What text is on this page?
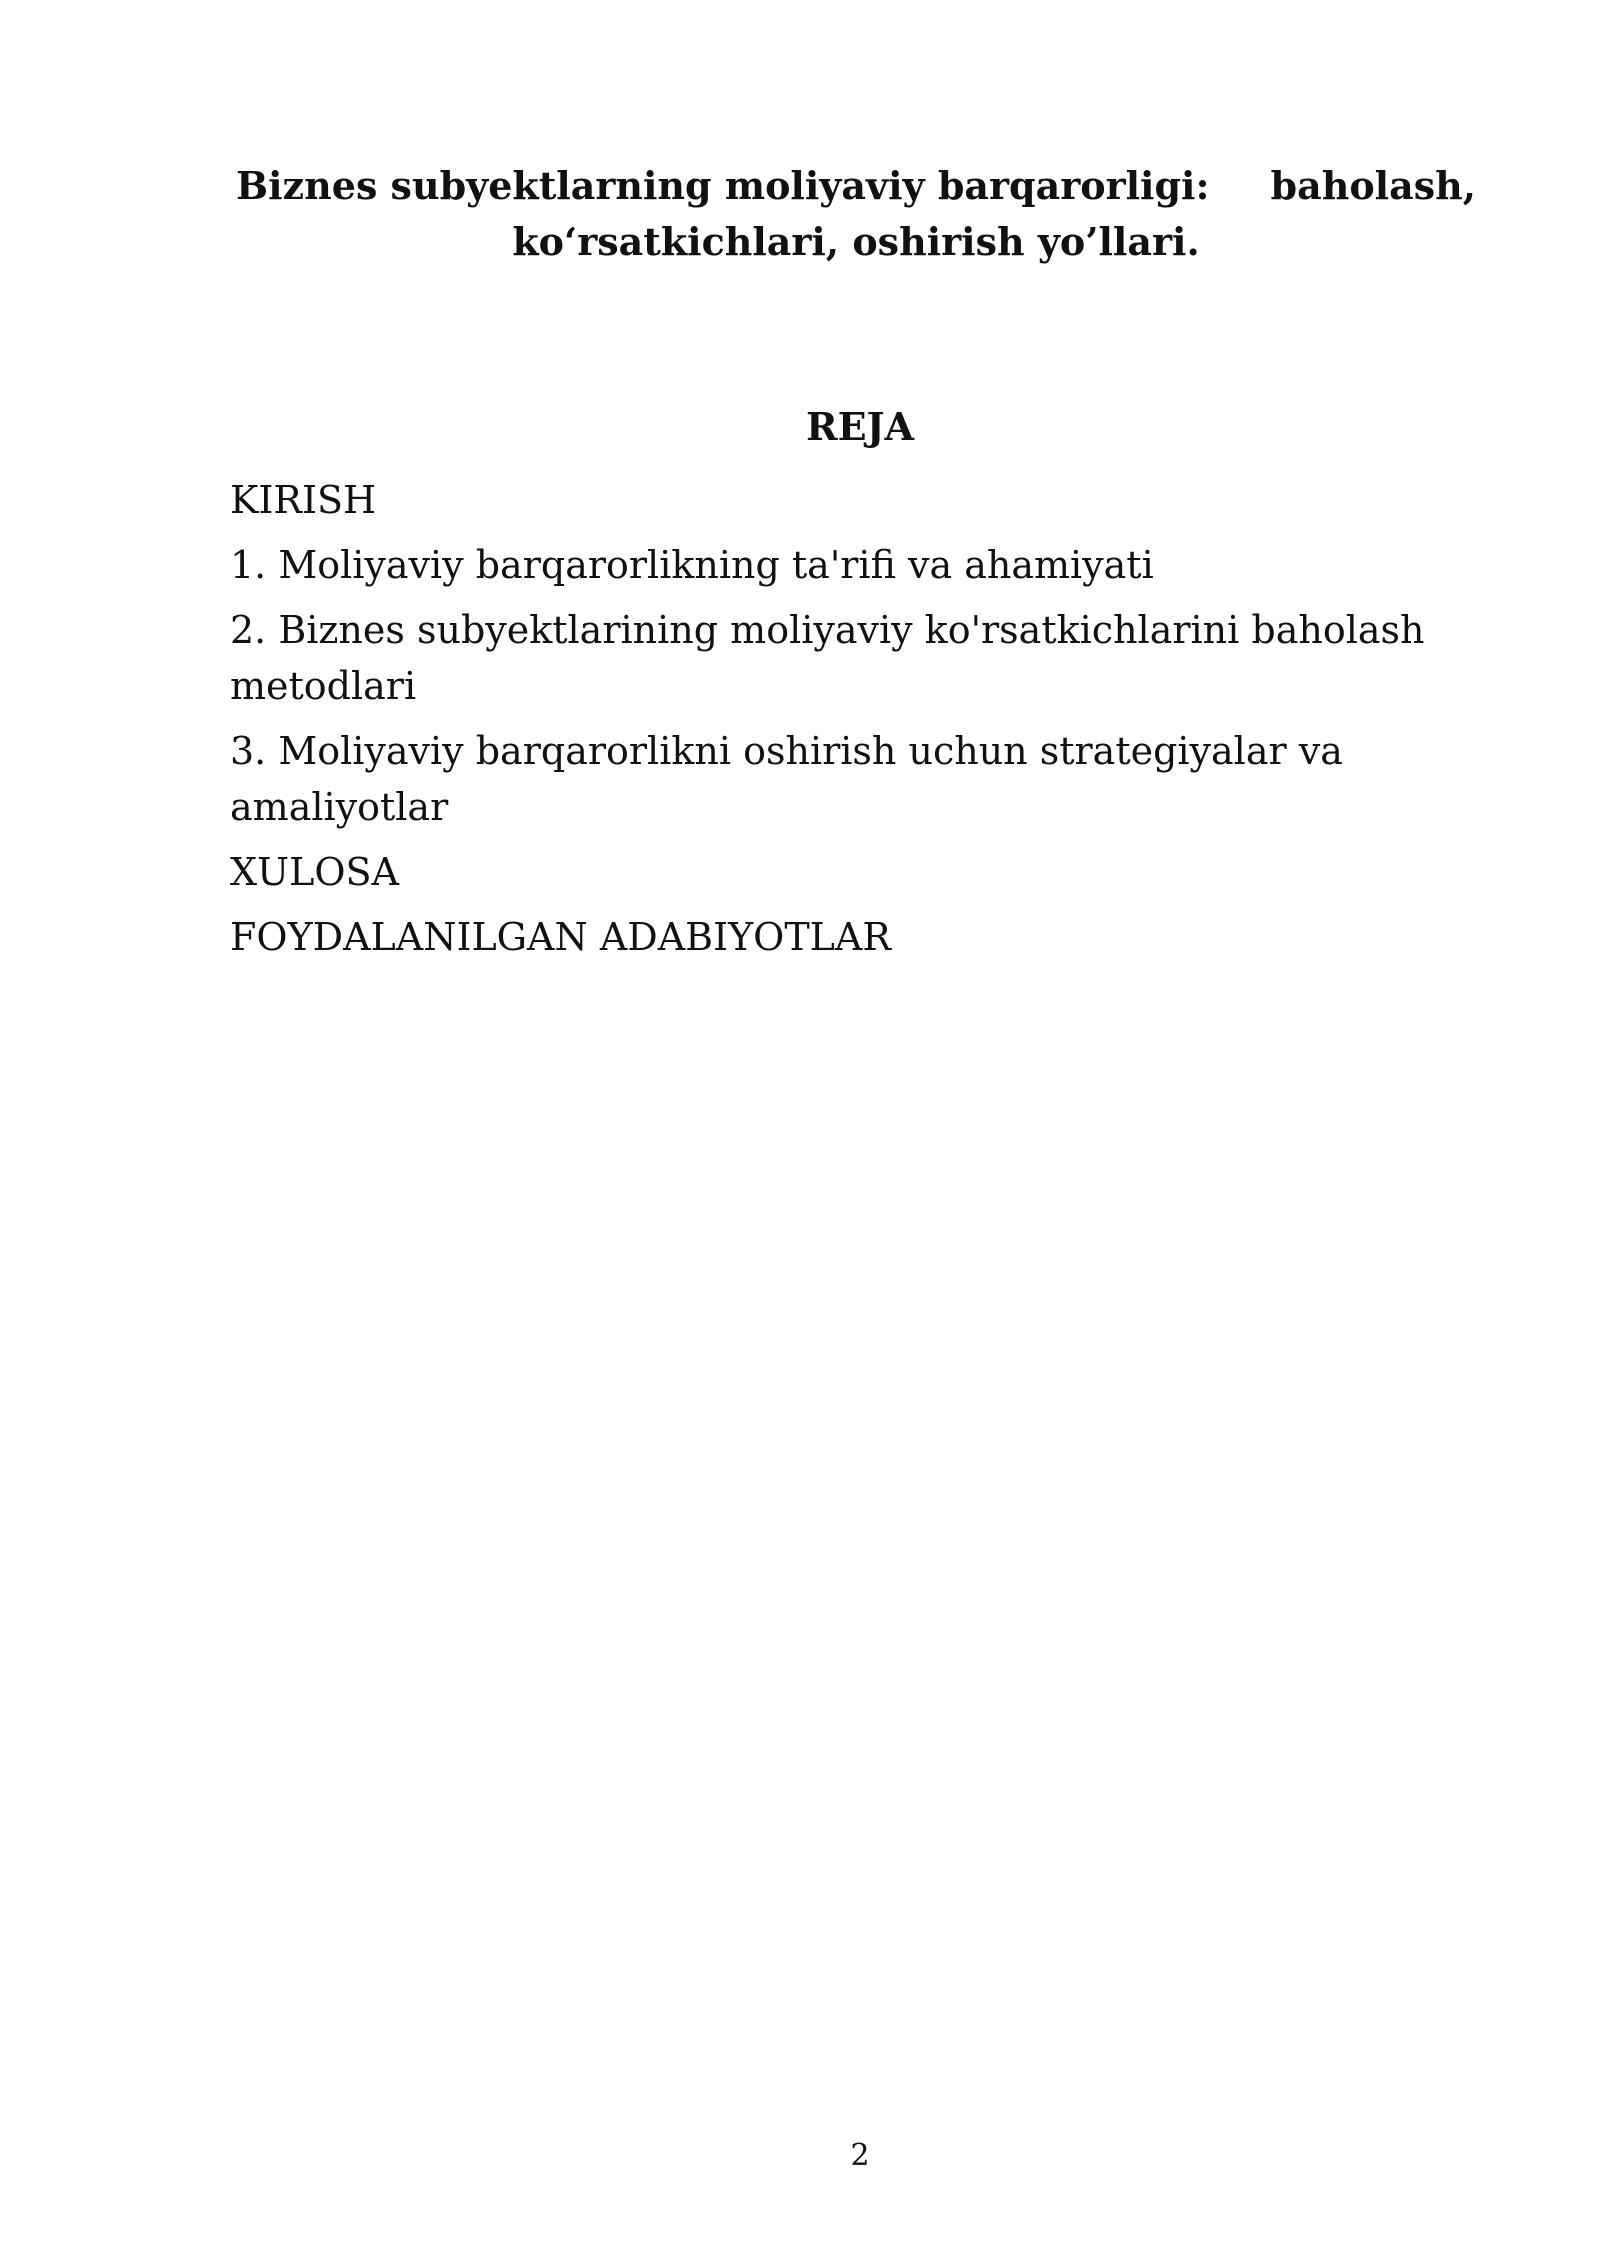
Biznes subyektlarning moliyaviy barqarorligi: baholash,
ko‘rsatkichlari, oshirish yo’llari.
REJA

KIRISH

1. Moliyaviy barqarorlikning ta'rifi va ahamiyati

2. Biznes subyektlarining moliyaviy ko'rsatkichlarini baholash metodlari

3. Moliyaviy barqarorlikni oshirish uchun strategiyalar va amaliyotlar

XULOSA

FOYDALANILGAN ADABIYOTLAR

2
